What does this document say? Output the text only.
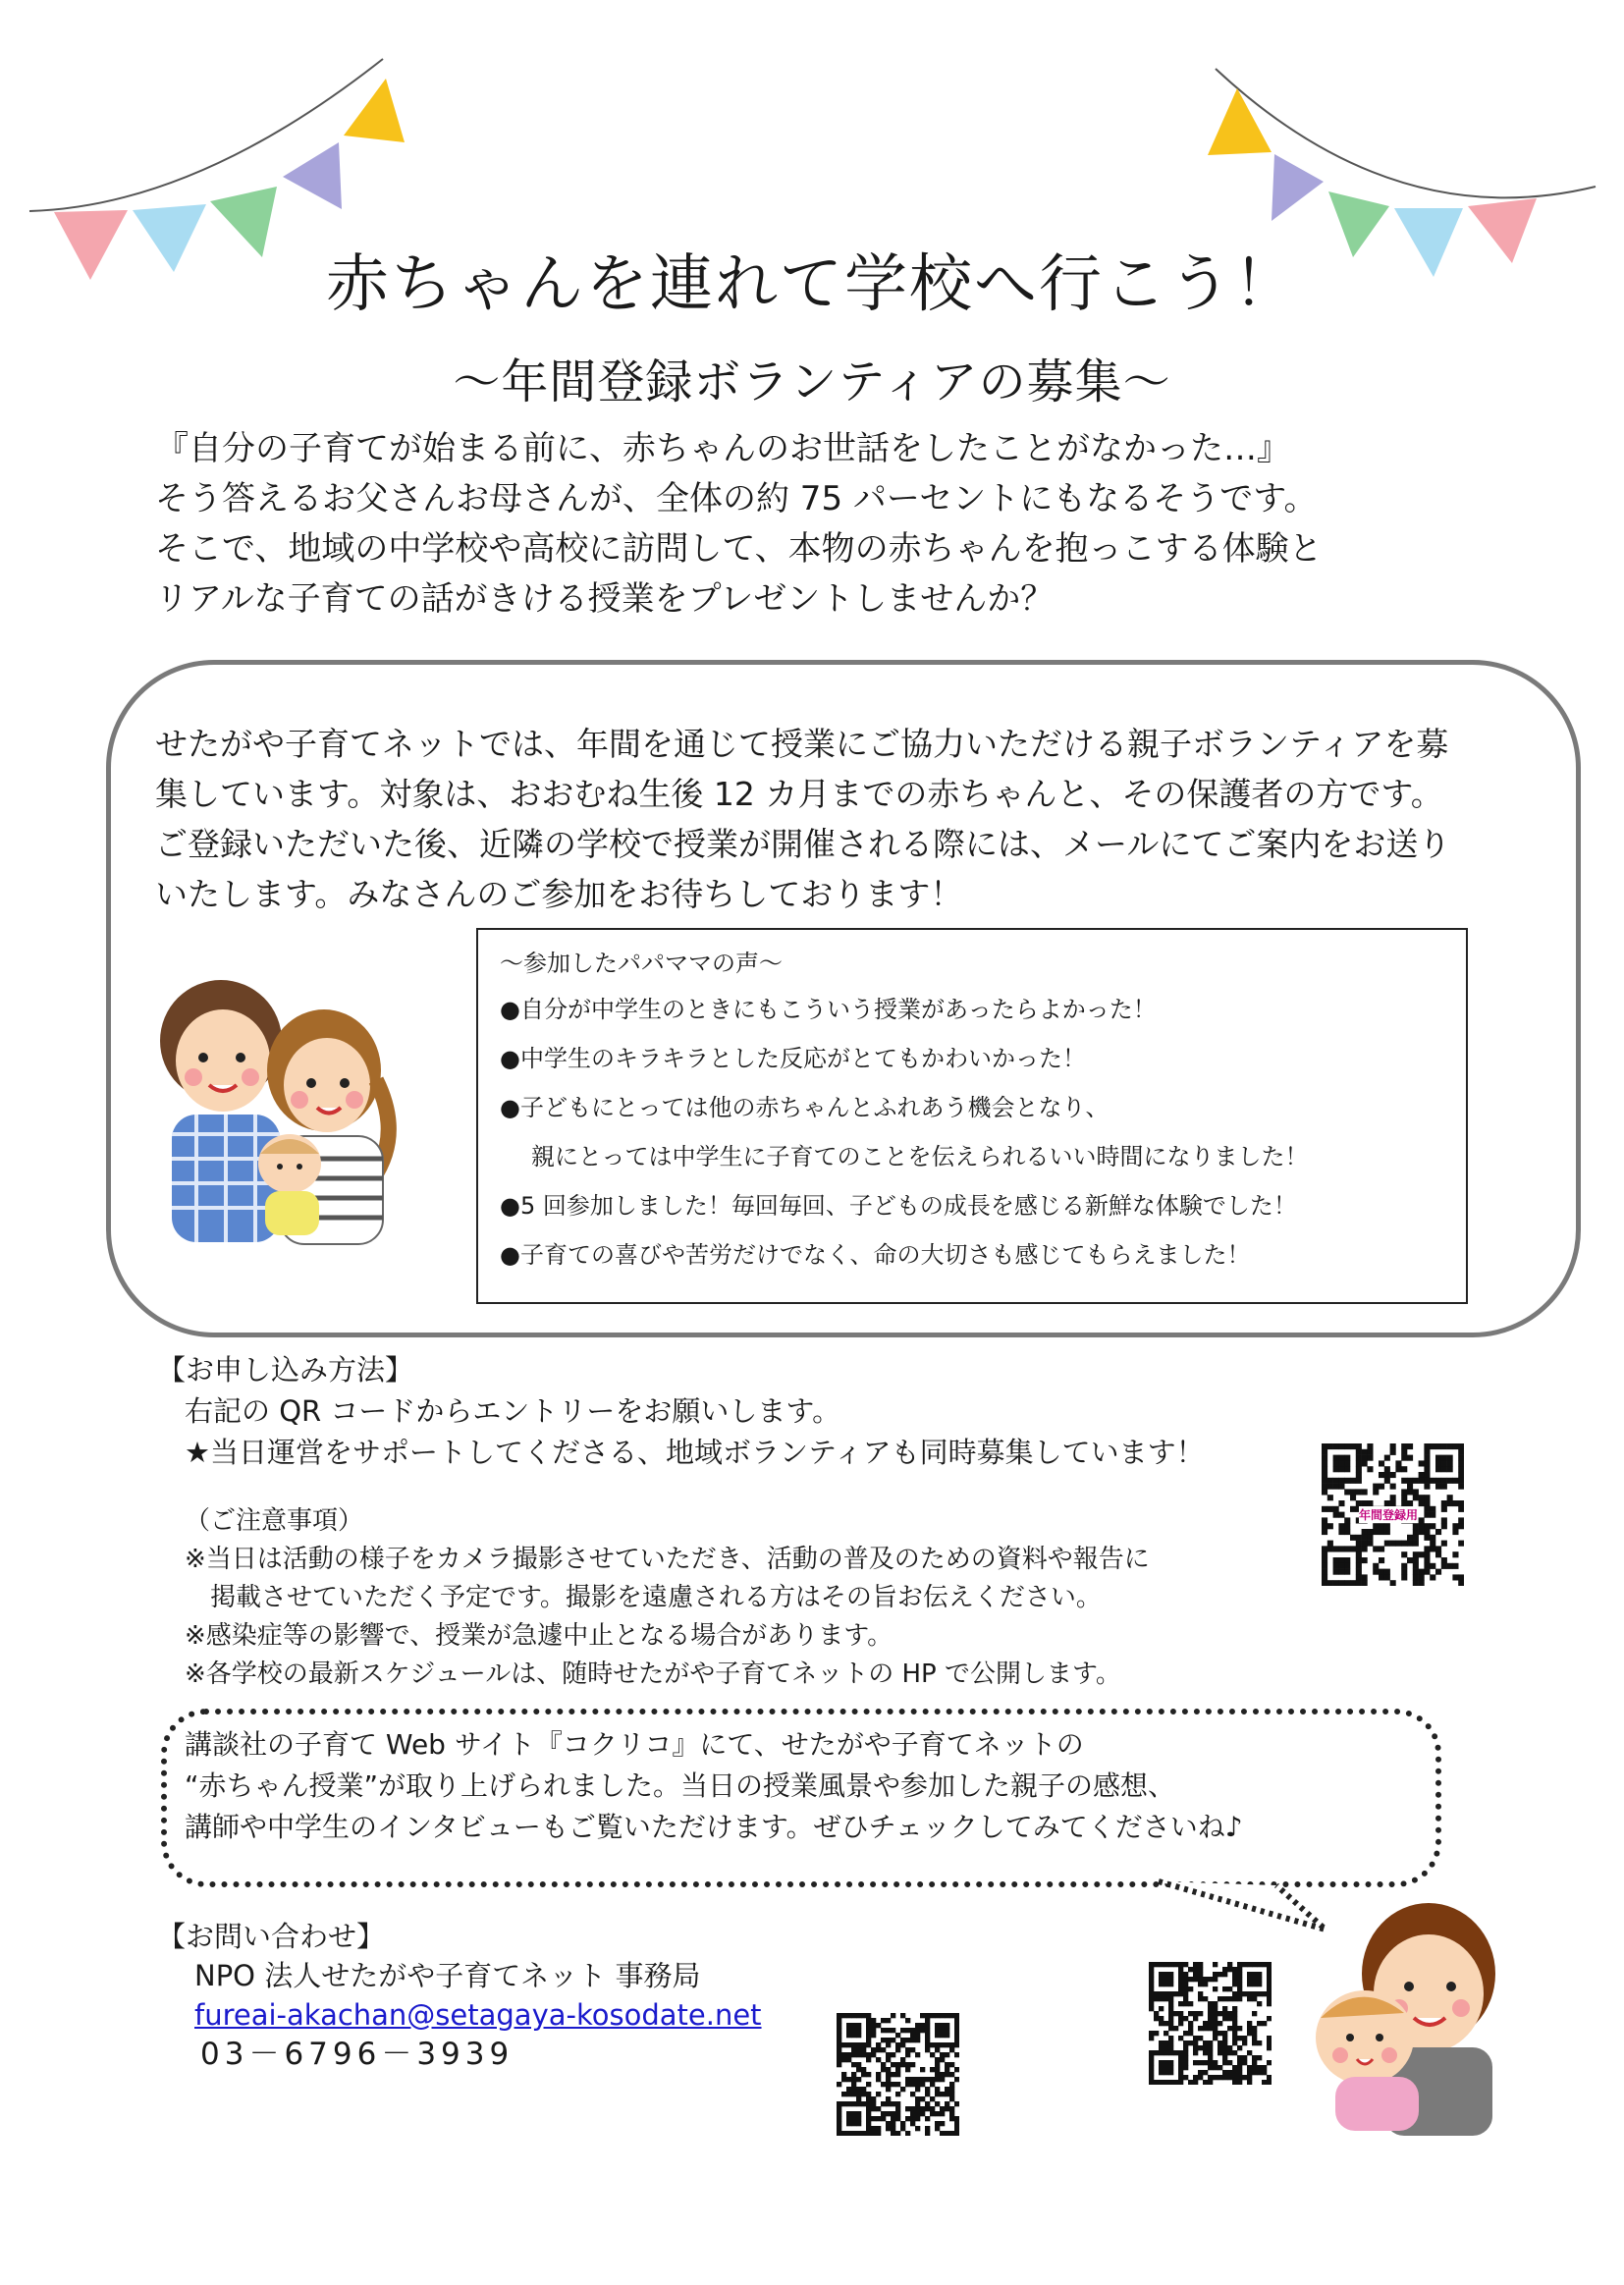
赤ちゃんを連れて学校へ行こう！
～年間登録ボランティアの募集～
『自分の子育てが始まる前に、赤ちゃんのお世話をしたことがなかった…』
そう答えるお父さんお母さんが、全体の約 75 パーセントにもなるそうです。
そこで、地域の中学校や高校に訪問して、本物の赤ちゃんを抱っこする体験と
リアルな子育ての話がきける授業をプレゼントしませんか？
せたがや子育てネットでは、年間を通じて授業にご協力いただける親子ボランティアを募
集しています。対象は、おおむね生後 12 カ月までの赤ちゃんと、その保護者の方です。
ご登録いただいた後、近隣の学校で授業が開催される際には、メールにてご案内をお送り
いたします。みなさんのご参加をお待ちしております！
～参加したパパママの声～
●自分が中学生のときにもこういう授業があったらよかった！
●中学生のキラキラとした反応がとてもかわいかった！
●子どもにとっては他の赤ちゃんとふれあう機会となり、
親にとっては中学生に子育てのことを伝えられるいい時間になりました！
●5 回参加しました！毎回毎回、子どもの成長を感じる新鮮な体験でした！
●子育ての喜びや苦労だけでなく、命の大切さも感じてもらえました！
【お申し込み方法】
右記の QR コードからエントリーをお願いします。
★当日運営をサポートしてくださる、地域ボランティアも同時募集しています！
（ご注意事項）
※当日は活動の様子をカメラ撮影させていただき、活動の普及のための資料や報告に
掲載させていただく予定です。撮影を遠慮される方はその旨お伝えください。
※感染症等の影響で、授業が急遽中止となる場合があります。
※各学校の最新スケジュールは、随時せたがや子育てネットの HP で公開します。
年間登録用
講談社の子育て Web サイト『コクリコ』にて、せたがや子育てネットの
“赤ちゃん授業”が取り上げられました。当日の授業風景や参加した親子の感想、
講師や中学生のインタビューもご覧いただけます。ぜひチェックしてみてくださいね♪
【お問い合わせ】
NPO 法人せたがや子育てネット 事務局
fureai-akachan@setagaya-kosodate.net
03－6796－3939
